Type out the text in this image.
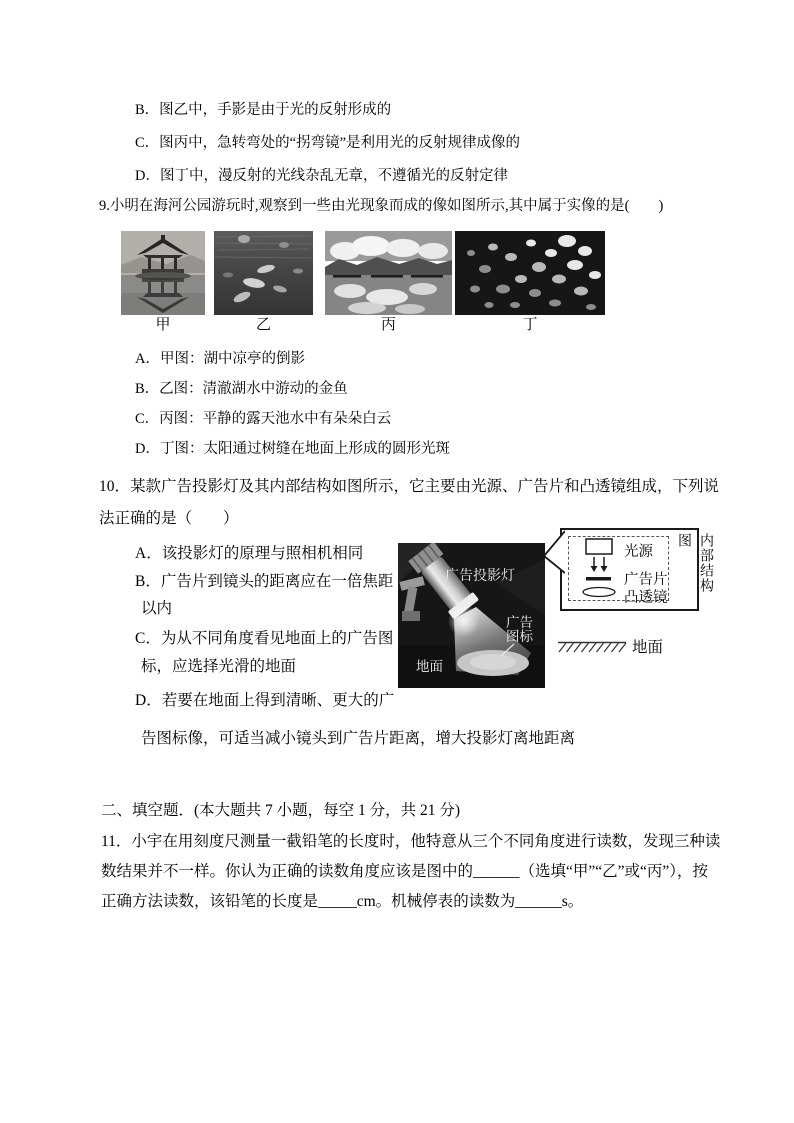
B．图乙中，手影是由于光的反射形成的
C．图丙中，急转弯处的“拐弯镜”是利用光的反射规律成像的
D．图丁中，漫反射的光线杂乱无章，不遵循光的反射定律
9.小明在海河公园游玩时,观察到一些由光现象而成的像如图所示,其中属于实像的是(　　)
甲	乙	丙	丁
A．甲图：湖中凉亭的倒影
B．乙图：清澈湖水中游动的金鱼
C．丙图：平静的露天池水中有朵朵白云
D．丁图：太阳通过树缝在地面上形成的圆形光斑
10．某款广告投影灯及其内部结构如图所示，它主要由光源、广告片和凸透镜组成，下列说
法正确的是（　　）
A．该投影灯的原理与照相机相同
B．广告片到镜头的距离应在一倍焦距
以内
C．为从不同角度看见地面上的广告图
标，应选择光滑的地面
D．若要在地面上得到清晰、更大的广
告图标像，可适当减小镜头到广告片距离，增大投影灯离地距离
广告投影灯
广告
图标
地面
光源
广告片
凸透镜
内部结构图
地面
二、填空题．(本大题共 7 小题，每空 1 分，共 21 分)
11．小宇在用刻度尺测量一截铅笔的长度时，他特意从三个不同角度进行读数，发现三种读
数结果并不一样。你认为正确的读数角度应该是图中的______（选填“甲”“乙”或“丙”），按
正确方法读数，该铅笔的长度是_____cm。机械停表的读数为______s。
